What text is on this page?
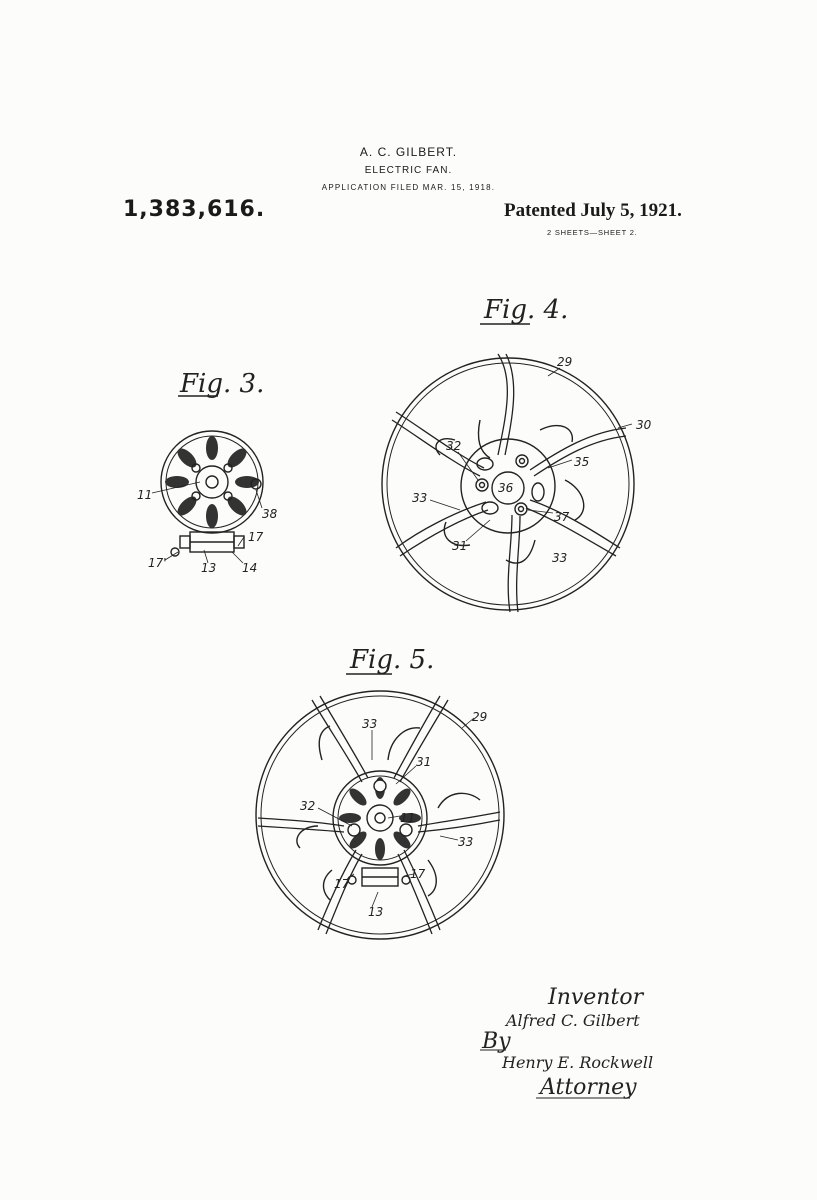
A. C. GILBERT.
ELECTRIC FAN.
APPLICATION FILED MAR. 15, 1918.
1,383,616.	Patented July 5, 1921.
2 SHEETS—SHEET 2.
Fig. 3.
11
38
17
17'	13 14
Fig. 4.
29
30
32
35
36
33
37
31
33
Fig. 5.
33	29
31
32
11
33
17
17
13
Inventor
Alfred C. Gilbert
By
Henry E. Rockwell
Attorney
